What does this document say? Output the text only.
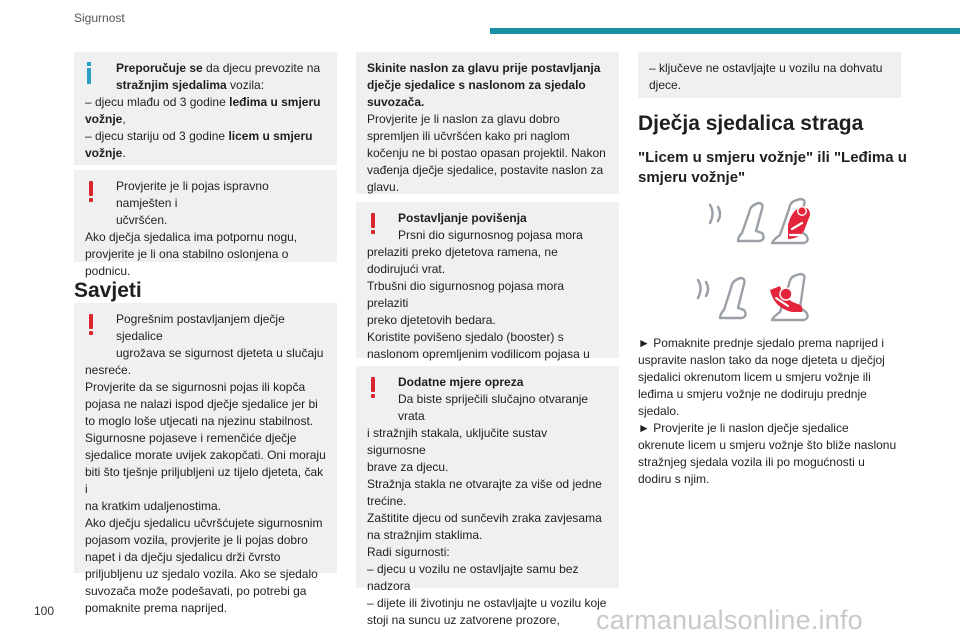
Sigurnost

Preporučuje se da djecu prevozite na

stražnjim sjedalima vozila:

– djecu mlađu od 3 godine leđima u smjeru

vožnje,

– djecu stariju od 3 godine licem u smjeru

vožnje.

Provjerite je li pojas ispravno namješten i

učvršćen.

Ako dječja sjedalica ima potpornu nogu,

provjerite je li ona stabilno oslonjena o

podnicu.

Savjeti

Pogrešnim postavljanjem dječje sjedalice

ugrožava se sigurnost djeteta u slučaju

nesreće.

Provjerite da se sigurnosni pojas ili kopča

pojasa ne nalazi ispod dječje sjedalice jer bi

to moglo loše utjecati na njezinu stabilnost.

Sigurnosne pojaseve i remenčiće dječje

sjedalice morate uvijek zakopčati. Oni moraju

biti što tješnje priljubljeni uz tijelo djeteta, čak i

na kratkim udaljenostima.

Ako dječju sjedalicu učvršćujete sigurnosnim

pojasom vozila, provjerite je li pojas dobro

napet i da dječju sjedalicu drži čvrsto

priljubljenu uz sjedalo vozila. Ako se sjedalo

suvozača može podešavati, po potrebi ga

pomaknite prema naprijed.

Skinite naslon za glavu prije postavljanja

dječje sjedalice s naslonom za sjedalo

suvozača.

Provjerite je li naslon za glavu dobro

spremljen ili učvršćen kako pri naglom

kočenju ne bi postao opasan projektil. Nakon

vađenja dječje sjedalice, postavite naslon za

glavu.

Postavljanje povišenja

Prsni dio sigurnosnog pojasa mora

prelaziti preko djetetova ramena, ne

dodirujući vrat.

Trbušni dio sigurnosnog pojasa mora prelaziti

preko djetetovih bedara.

Koristite povišeno sjedalo (booster) s

naslonom opremljenim vodilicom pojasa u

Dodatne mjere opreza

Da biste spriječili slučajno otvaranje vrata

i stražnjih stakala, uključite sustav sigurnosne

brave za djecu.

Stražnja stakla ne otvarajte za više od jedne

trećine.

Zaštitite djecu od sunčevih zraka zavjesama

na stražnjim staklima.

Radi sigurnosti:

– djecu u vozilu ne ostavljajte samu bez

nadzora

– dijete ili životinju ne ostavljajte u vozilu koje

stoji na suncu uz zatvorene prozore,

– ključeve ne ostavljajte u vozilu na dohvatu

djece.

Dječja sjedalica straga
"Licem u smjeru vožnje" ili "Leđima u
smjeru vožnje"

► Pomaknite prednje sjedalo prema naprijed i

uspravite naslon tako da noge djeteta u dječjoj

sjedalici okrenutom licem u smjeru vožnje ili

leđima u smjeru vožnje ne dodiruju prednje

sjedalo.

► Provjerite je li naslon dječje sjedalice

okrenute licem u smjeru vožnje što bliže naslonu

stražnjeg sjedala vozila ili po mogućnosti u

dodiru s njim.

100	carmanualsonline.info
